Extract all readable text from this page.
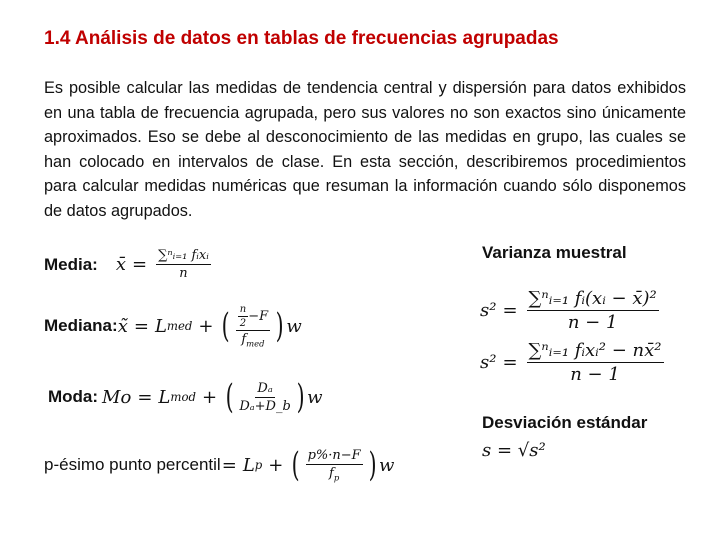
1.4 Análisis de datos en tablas de frecuencias agrupadas
Es posible calcular las medidas de tendencia central y dispersión para datos exhibidos en una tabla de frecuencia agrupada, pero sus valores no son exactos sino únicamente aproximados. Eso se debe al desconocimiento de las medidas en grupo, las cuales se han colocado en intervalos de clase. En esta sección, describiremos procedimientos para calcular medidas numéricas que resuman la información cuando sólo disponemos de datos agrupados.
Media: x̄ = $\frac{\text{∑ⁿᵢ₌₁ fᵢxᵢ}}{n}$
Mediana: x̃ = L med + ( $\frac{\frac{n}{2} -F}{f_{med}}$ ) w
Moda: Mo = L mod + ( $\frac{\text{Dₐ}}{\text{Dₐ+D\_b}}$ ) w
p-ésimo punto percentil = L p + ( $\frac{p\%\cdot n-F}{f_p}$ ) w
Varianza muestral
$s^2 = \frac{\text{∑ⁿᵢ₌₁ fᵢ(xᵢ − x̄)²}}{n - 1}$
$s^2 = \frac{\text{∑ⁿᵢ₌₁ fᵢxᵢ² − nx̄²}}{n - 1}$
Desviación estándar
s = √s²
